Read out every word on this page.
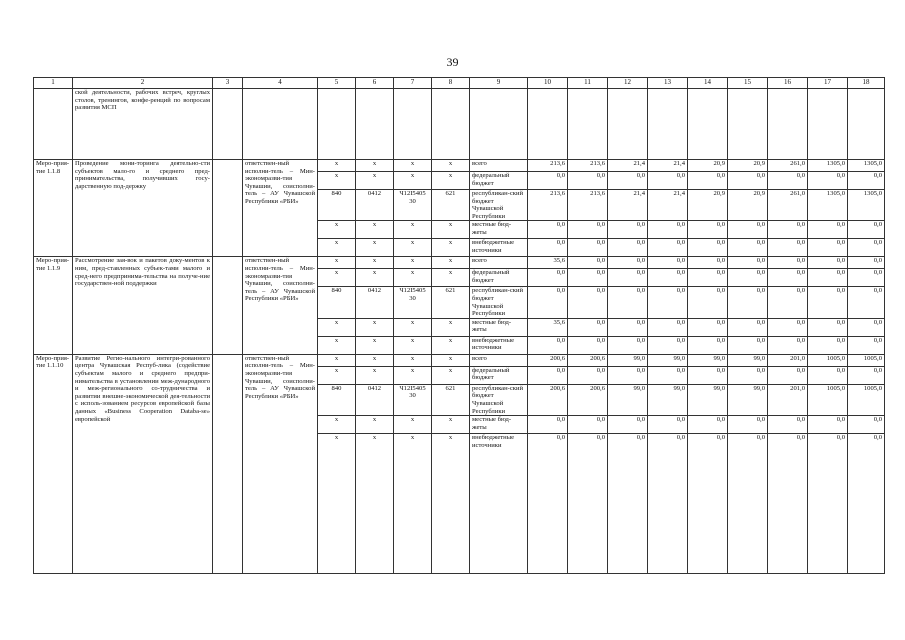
39
1	2	3	4	5	6	7	8	9	10	11	12	13	14	15	16	17	18
	ской деятельности, рабочих встреч, круглых столов, тренингов, конфе-ренций по вопросам развития МСП																
Меро-прия-тие 1.1.8	Проведение мони-торинга деятельно-сти субъектов мало-го и среднего пред-принимательства, получивших госу-дарственную под-держку		ответствен-ный исполни-тель – Мин-экономразви-тия Чувашии, соисполни-тель – АУ Чувашской Республики «РБИ»	x	x	x	x	всего	213,6	213,6	21,4	21,4	20,9	20,9	261,0	1305,0	1305,0
				x	x	x	x	федеральный бюджет	0,0	0,0	0,0	0,0	0,0	0,0	0,0	0,0	0,0
				840	0412	Ч12I5405 30	621	республикан-ский бюджет Чувашской Республики	213,6	213,6	21,4	21,4	20,9	20,9	261,0	1305,0	1305,0
				x	x	x	x	местные бюд-жеты	0,0	0,0	0,0	0,0	0,0	0,0	0,0	0,0	0,0
				x	x	x	x	внебюджетные источники	0,0	0,0	0,0	0,0	0,0	0,0	0,0	0,0	0,0
Меро-прия-тие 1.1.9	Рассмотрение зая-вок и пакетов доку-ментов к ним, пред-ставленных субъек-тами малого и сред-него предпринима-тельства на получе-ние государствен-ной поддержки		ответствен-ный исполни-тель – Мин-экономразви-тия Чувашии, соисполни-тель – АУ Чувашской Республики «РБИ»	x	x	x	x	всего	35,6	0,0	0,0	0,0	0,0	0,0	0,0	0,0	0,0
				x	x	x	x	федеральный бюджет	0,0	0,0	0,0	0,0	0,0	0,0	0,0	0,0	0,0
				840	0412	Ч12I5405 30	621	республикан-ский бюджет Чувашской Республики	0,0	0,0	0,0	0,0	0,0	0,0	0,0	0,0	0,0
				x	x	x	x	местные бюд-жеты	35,6	0,0	0,0	0,0	0,0	0,0	0,0	0,0	0,0
				x	x	x	x	внебюджетные источники	0,0	0,0	0,0	0,0	0,0	0,0	0,0	0,0	0,0
Меро-прия-тие 1.1.10	Развитие Регио-нального интегри-рованного центра Чувашская Респуб-лика (содействие субъектам малого и среднего предпри-нимательства в установлении меж-дународного и меж-регионального со-трудничества и развитии внешне-экономической дея-тельности с исполь-зованием ресурсов европейской базы данных «Business Cooperation Databa-se» европейской		ответствен-ный исполни-тель – Мин-экономразви-тия Чувашии, соисполни-тель – АУ Чувашской Республики «РБИ»	x	x	x	x	всего	200,6	200,6	99,0	99,0	99,0	99,0	201,0	1005,0	1005,0
				x	x	x	x	федеральный бюджет	0,0	0,0	0,0	0,0	0,0	0,0	0,0	0,0	0,0
				840	0412	Ч12I5405 30	621	республикан-ский бюджет Чувашской Республики	200,6	200,6	99,0	99,0	99,0	99,0	201,0	1005,0	1005,0
				x	x	x	x	местные бюд-жеты	0,0	0,0	0,0	0,0	0,0	0,0	0,0	0,0	0,0
				x	x	x	x	внебюджетные источники	0,0	0,0	0,0	0,0	0,0	0,0	0,0	0,0	0,0
